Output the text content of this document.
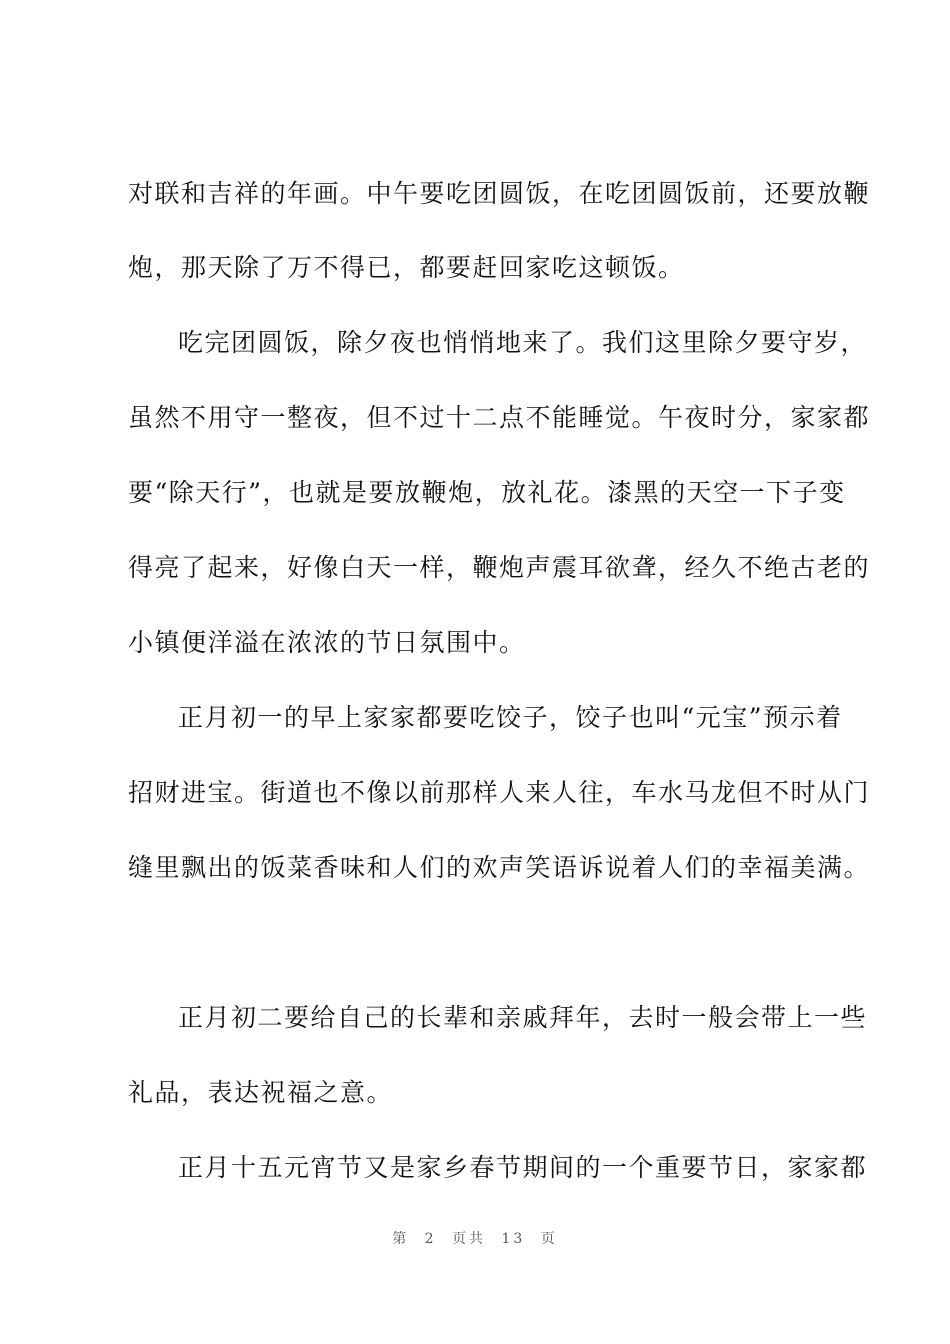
对联和吉祥的年画。中午要吃团圆饭，在吃团圆饭前，还要放鞭
炮，那天除了万不得已，都要赶回家吃这顿饭。
吃完团圆饭，除夕夜也悄悄地来了。我们这里除夕要守岁，
虽然不用守一整夜，但不过十二点不能睡觉。午夜时分，家家都
要“除天行”，也就是要放鞭炮，放礼花。漆黑的天空一下子变
得亮了起来，好像白天一样，鞭炮声震耳欲聋，经久不绝古老的
小镇便洋溢在浓浓的节日氛围中。
正月初一的早上家家都要吃饺子，饺子也叫“元宝”预示着
招财进宝。街道也不像以前那样人来人往，车水马龙但不时从门
缝里飘出的饭菜香味和人们的欢声笑语诉说着人们的幸福美满。
正月初二要给自己的长辈和亲戚拜年，去时一般会带上一些
礼品，表达祝福之意。
正月十五元宵节又是家乡春节期间的一个重要节日，家家都
第 2 页共 13 页
